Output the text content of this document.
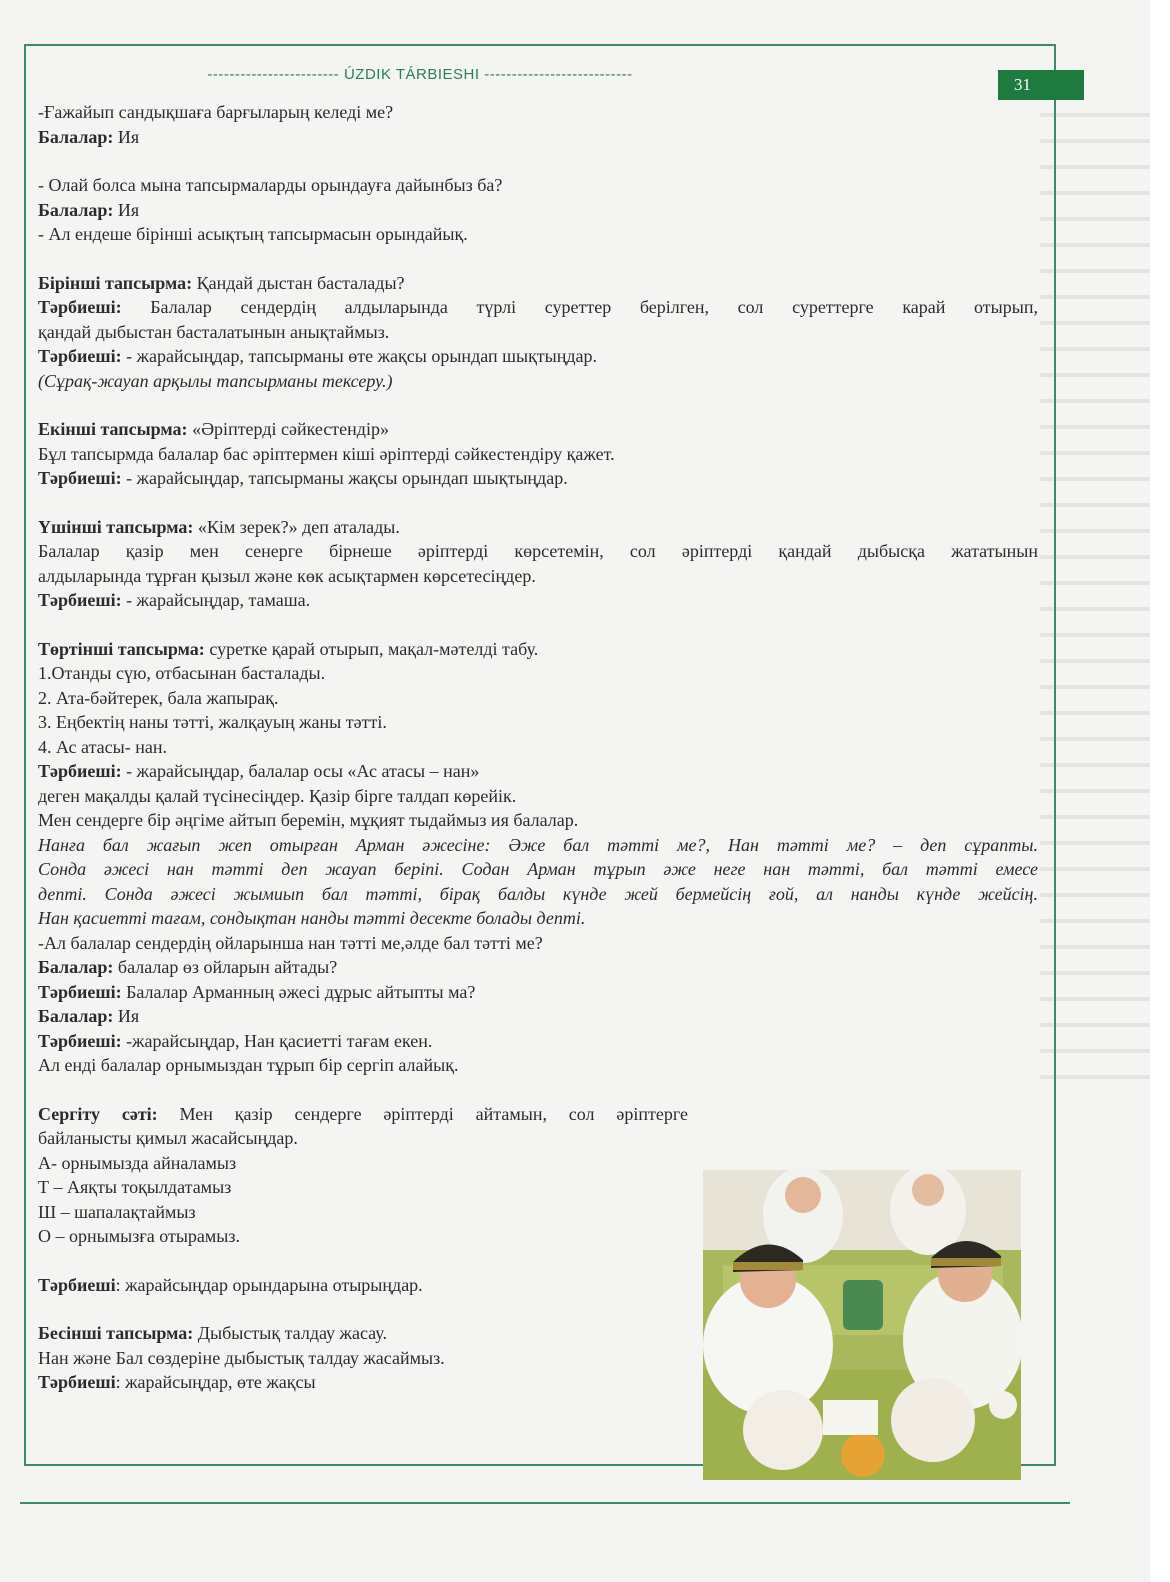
------------------------ ÚZDIK TÁRBIESHI ---------------------------
31
-Ғажайып сандықшаға барғыларың келеді ме?
Балалар: Ия
- Олай болса мына тапсырмаларды орындауға дайынбыз ба?
Балалар: Ия
- Ал ендеше бірінші асықтың тапсырмасын орындайық.
Бірінші тапсырма: Қандай дыстан басталады?
Тәрбиеші: Балалар сендердің алдыларында түрлі суреттер берілген, сол суреттерге карай отырып,
қандай дыбыстан басталатынын анықтаймыз.
Тәрбиеші: - жарайсыңдар, тапсырманы өте жақсы орындап шықтыңдар.
(Сұрақ-жауап арқылы тапсырманы тексеру.)
Екінші тапсырма: «Әріптерді сәйкестендір»
Бұл тапсырмда балалар бас әріптермен кіші әріптерді сәйкестендіру қажет.
Тәрбиеші: - жарайсыңдар, тапсырманы жақсы орындап шықтыңдар.
Үшінші тапсырма: «Кім зерек?» деп аталады.
Балалар қазір мен сенерге бірнеше әріптерді көрсетемін, сол әріптерді қандай дыбысқа жататынын
алдыларында тұрған қызыл және көк асықтармен көрсетесіңдер.
Тәрбиеші: - жарайсыңдар, тамаша.
Төртінші тапсырма: суретке қарай отырып, мақал-мәтелді табу.
1.Отанды сүю, отбасынан басталады.
2. Ата-бәйтерек, бала жапырақ.
3. Еңбектің наны тәтті, жалқауың жаны тәтті.
4. Ас атасы- нан.
Тәрбиеші: - жарайсыңдар, балалар осы «Ас атасы – нан»
деген мақалды қалай түсінесіңдер. Қазір бірге талдап көрейік.
Мен сендерге бір әңгіме айтып беремін, мұқият тыдаймыз ия балалар.
Нанға бал жағып жеп отырған Арман әжесіне: Әже бал тәтті ме?, Нан тәтті ме? – деп сұрапты.
Сонда әжесі нан тәтті деп жауап беріпі. Содан Арман тұрып әже неге нан тәтті, бал тәтті емесе
депті. Сонда әжесі жымиып бал тәтті, бірақ балды күнде жей бермейсің ғой, ал нанды күнде жейсің.
Нан қасиетті тағам, сондықтан нанды тәтті десекте болады депті.
-Ал балалар сендердің ойларынша нан тәтті ме,әлде бал тәтті ме?
Балалар: балалар өз ойларын айтады?
Тәрбиеші: Балалар Арманның әжесі дұрыс айтыпты ма?
Балалар: Ия
Тәрбиеші: -жарайсыңдар, Нан қасиетті тағам екен.
Ал енді балалар орнымыздан тұрып бір сергіп алайық.
Сергіту сәті: Мен қазір сендерге әріптерді айтамын, сол әріптерге
байланысты қимыл жасайсыңдар.
А- орнымызда айналамыз
Т – Аяқты тоқылдатамыз
Ш – шапалақтаймыз
О – орнымызға отырамыз.
Тәрбиеші: жарайсыңдар орындарына отырыңдар.
Бесінші тапсырма: Дыбыстық талдау жасау.
Нан және Бал сөздеріне дыбыстық талдау жасаймыз.
Тәрбиеші: жарайсыңдар, өте жақсы
